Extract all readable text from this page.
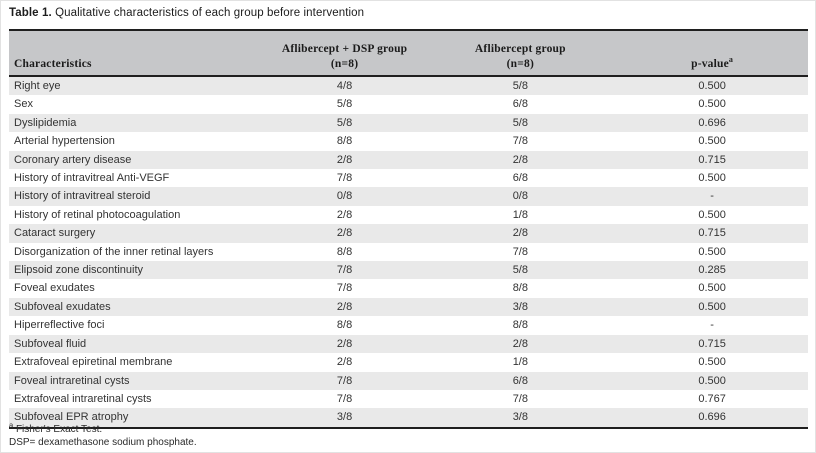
Table 1. Qualitative characteristics of each group before intervention
	Aflibercept + DSP group	Aflibercept group	
Characteristics	(n=8)	(n=8)	p-value$^a$
Right eye	4/8	5/8	0.500
Sex	5/8	6/8	0.500
Dyslipidemia	5/8	5/8	0.696
Arterial hypertension	8/8	7/8	0.500
Coronary artery disease	2/8	2/8	0.715
History of intravitreal Anti-VEGF	7/8	6/8	0.500
History of intravitreal steroid	0/8	0/8	-
History of retinal photocoagulation	2/8	1/8	0.500
Cataract surgery	2/8	2/8	0.715
Disorganization of the inner retinal layers	8/8	7/8	0.500
Elipsoid zone discontinuity	7/8	5/8	0.285
Foveal exudates	7/8	8/8	0.500
Subfoveal exudates	2/8	3/8	0.500
Hiperreflective foci	8/8	8/8	-
Subfoveal fluid	2/8	2/8	0.715
Extrafoveal epiretinal membrane	2/8	1/8	0.500
Foveal intraretinal cysts	7/8	6/8	0.500
Extrafoveal intraretinal cysts	7/8	7/8	0.767
Subfoveal EPR atrophy	3/8	3/8	0.696
$^a$ Fisher's Exact Test.
DSP= dexamethasone sodium phosphate.
